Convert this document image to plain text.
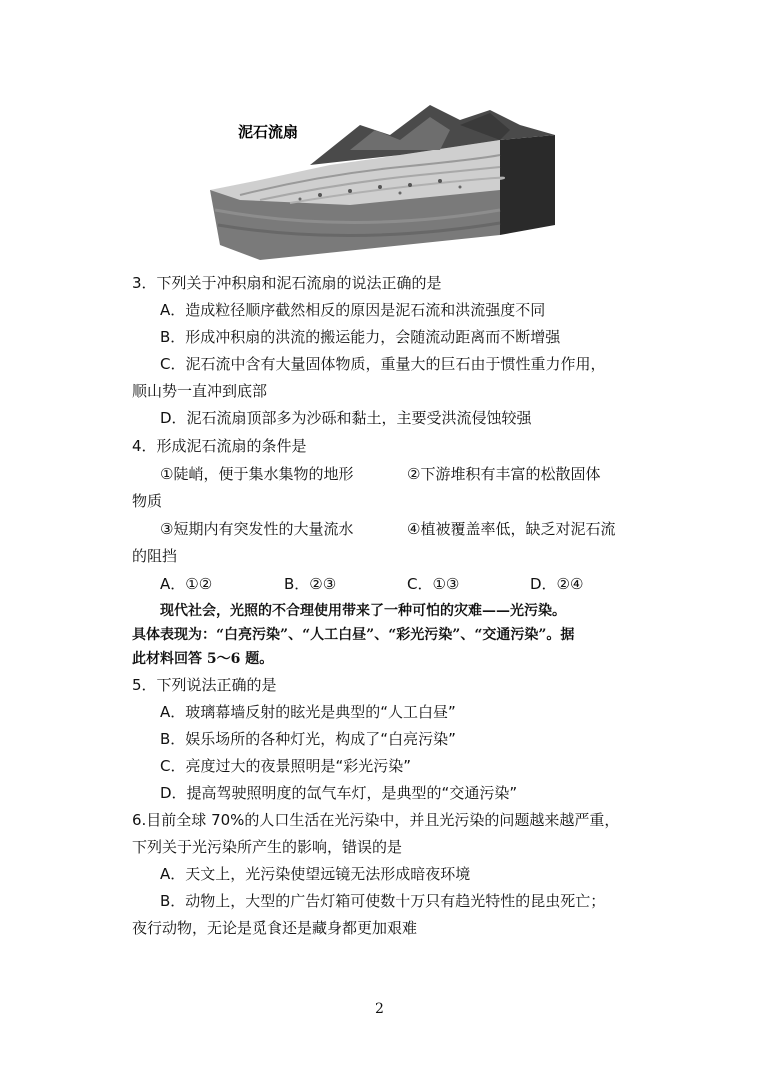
泥石流扇
3．下列关于冲积扇和泥石流扇的说法正确的是
A．造成粒径顺序截然相反的原因是泥石流和洪流强度不同
B．形成冲积扇的洪流的搬运能力，会随流动距离而不断增强
C．泥石流中含有大量固体物质，重量大的巨石由于惯性重力作用，
顺山势一直冲到底部
D．泥石流扇顶部多为沙砾和黏土，主要受洪流侵蚀较强
4．形成泥石流扇的条件是
①陡峭，便于集水集物的地形	②下游堆积有丰富的松散固体
物质
③短期内有突发性的大量流水	④植被覆盖率低，缺乏对泥石流
的阻挡
A．①②	B．②③	C．①③	D．②④
现代社会，光照的不合理使用带来了一种可怕的灾难——光污染。
具体表现为：“白亮污染”、“人工白昼”、“彩光污染”、“交通污染”。据
此材料回答 5～6 题。
5．下列说法正确的是
A．玻璃幕墙反射的眩光是典型的“人工白昼”
B．娱乐场所的各种灯光，构成了“白亮污染”
C．亮度过大的夜景照明是“彩光污染”
D．提高驾驶照明度的氙气车灯，是典型的“交通污染”
6.目前全球 70%的人口生活在光污染中，并且光污染的问题越来越严重，
下列关于光污染所产生的影响，错误的是
A．天文上，光污染使望远镜无法形成暗夜环境
B．动物上，大型的广告灯箱可使数十万只有趋光特性的昆虫死亡；
夜行动物，无论是觅食还是藏身都更加艰难
2
